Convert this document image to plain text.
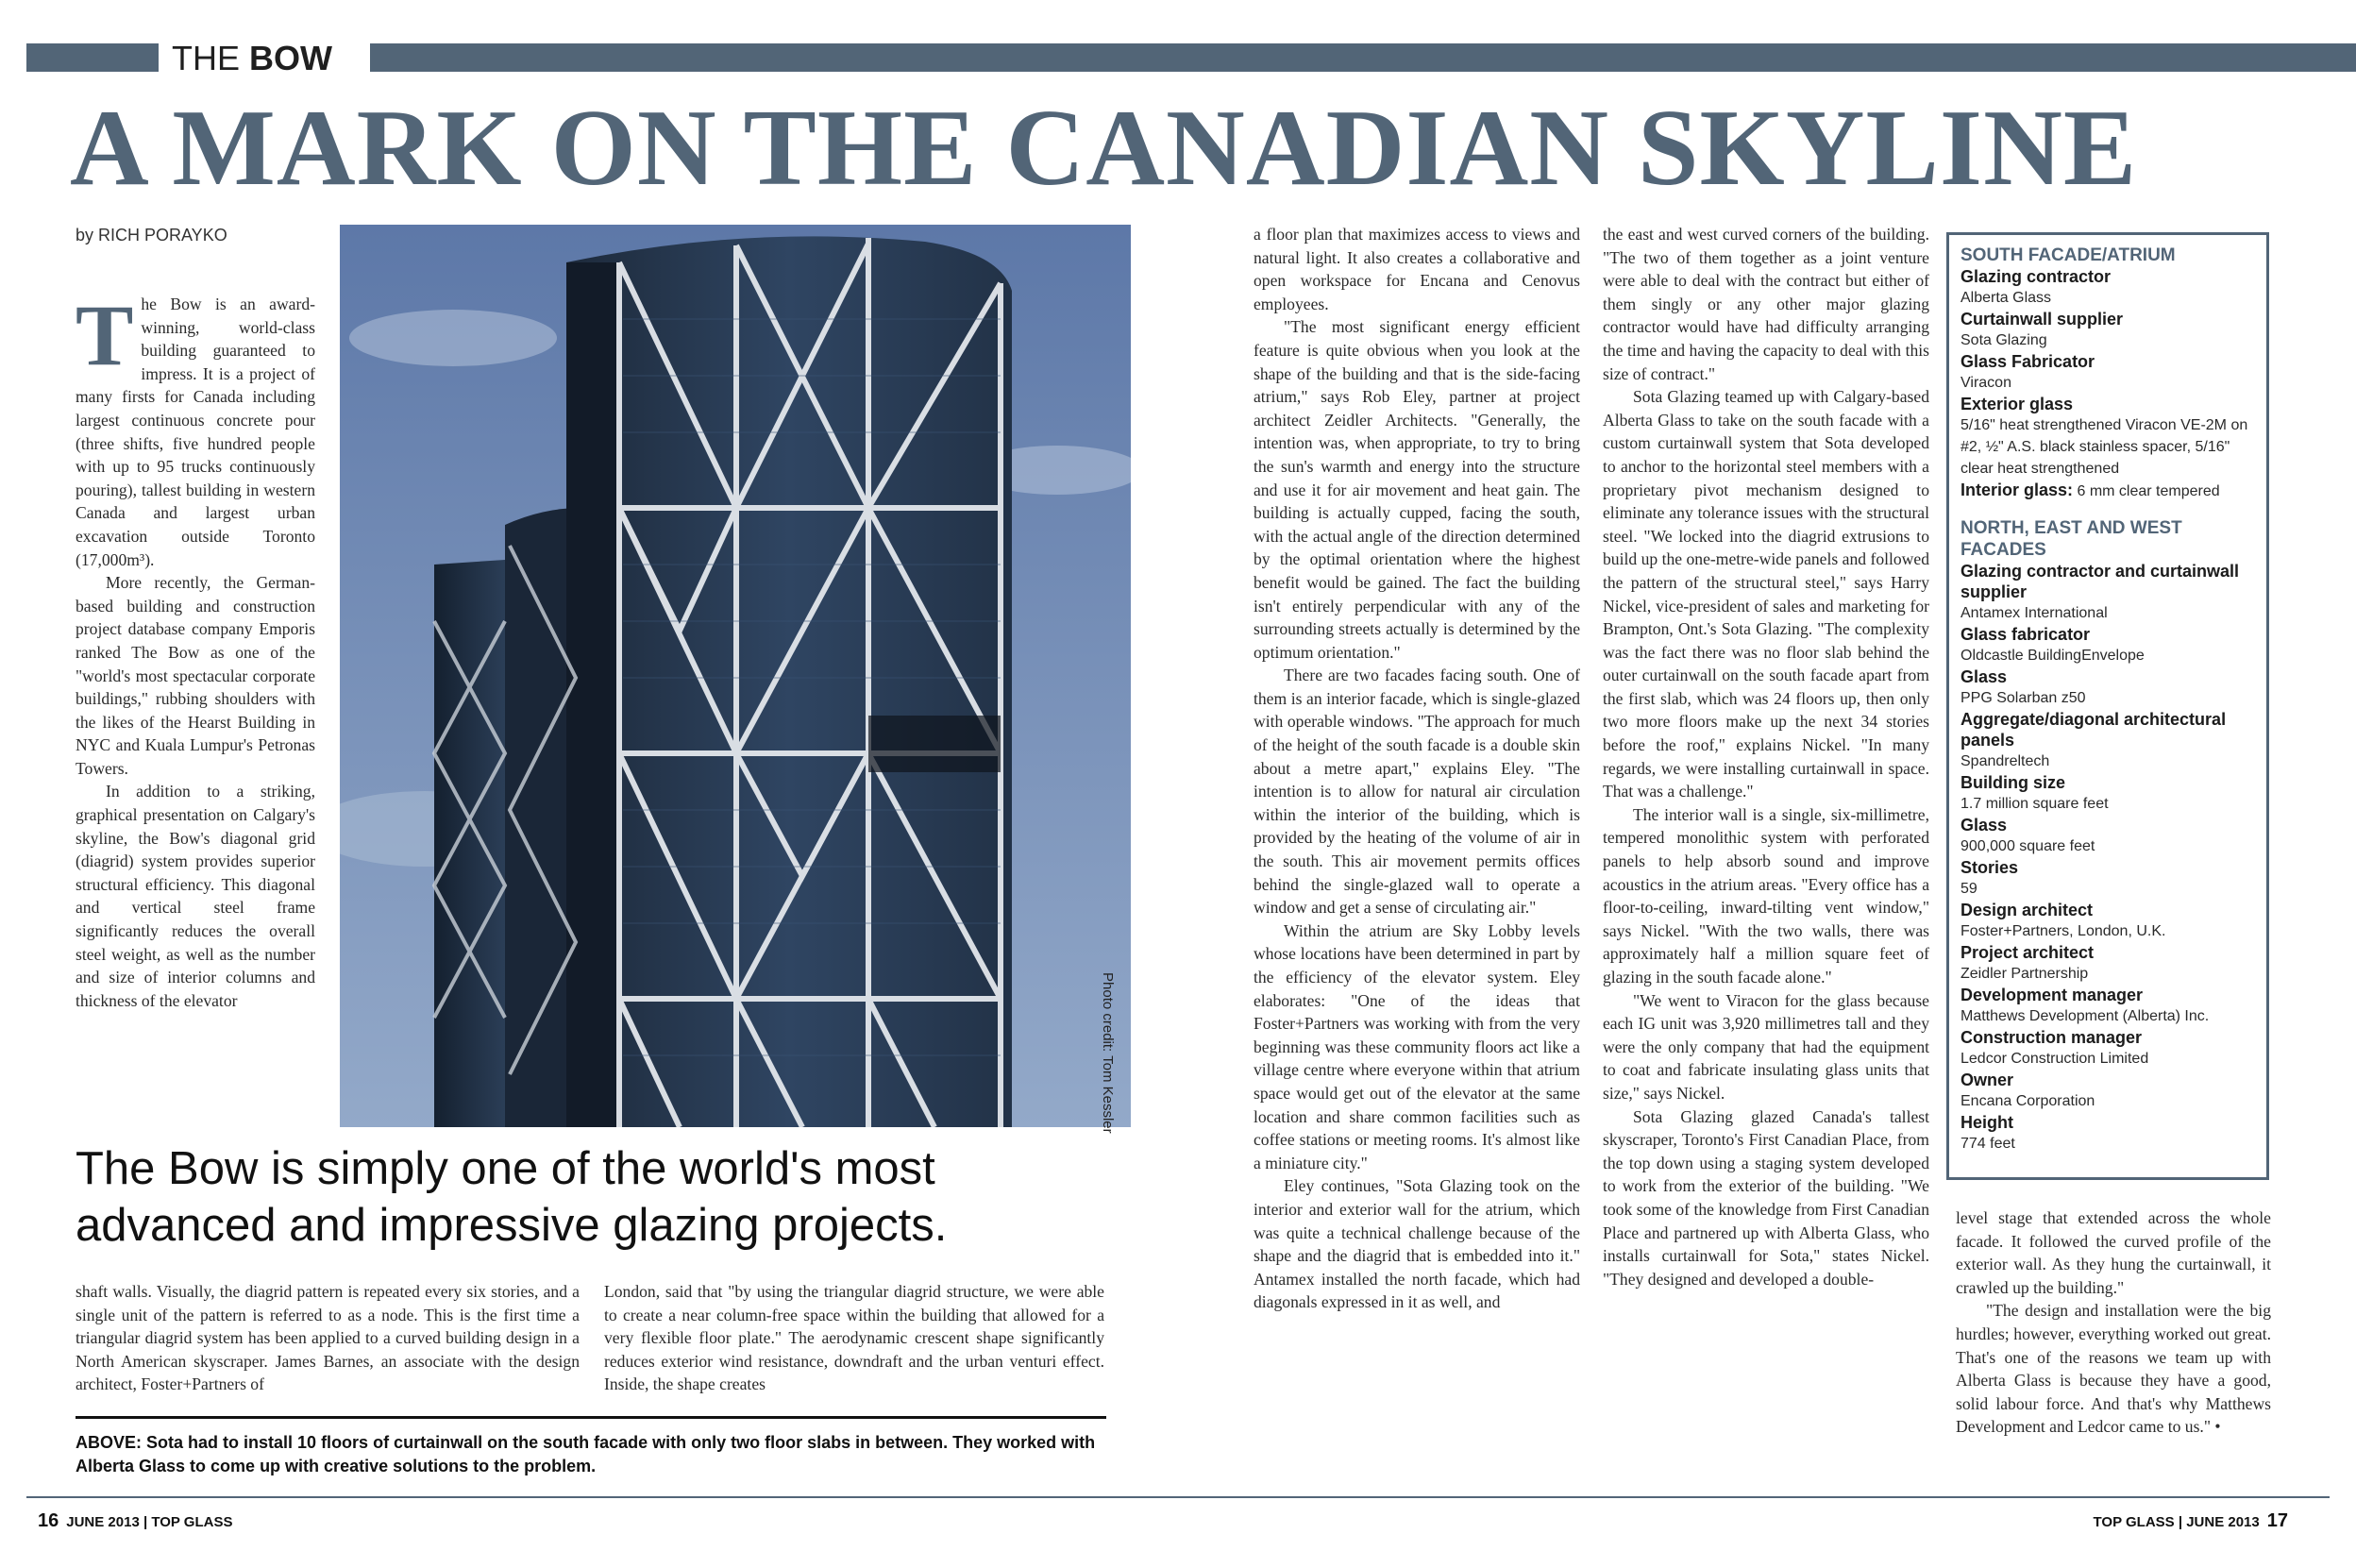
THE BOW
A MARK ON THE CANADIAN SKYLINE
by RICH PORAYKO

The Bow is an award-winning, world-class building guaranteed to impress. It is a project of many firsts for Canada including largest continuous concrete pour (three shifts, five hundred people with up to 95 trucks continuously pouring), tallest building in western Canada and largest urban excavation outside Toronto (17,000m³).

More recently, the German-based building and construction project database company Emporis ranked The Bow as one of the "world's most spectacular corporate buildings," rubbing shoulders with the likes of the Hearst Building in NYC and Kuala Lumpur's Petronas Towers.

In addition to a striking, graphical presentation on Calgary's skyline, the Bow's diagonal grid (diagrid) system provides superior structural efficiency. This diagonal and vertical steel frame significantly reduces the overall steel weight, as well as the number and size of interior columns and thickness of the elevator	Photo credit: Tom Kessler
The Bow is simply one of the world's most advanced and impressive glazing projects.

shaft walls. Visually, the diagrid pattern is repeated every six stories, and a single unit of the pattern is referred to as a node. This is the first time a triangular diagrid system has been applied to a curved building design in a North American skyscraper. James Barnes, an associate with the design architect, Foster+Partners of

London, said that "by using the triangular diagrid structure, we were able to create a near column-free space within the building that allowed for a very flexible floor plate." The aerodynamic crescent shape significantly reduces exterior wind resistance, downdraft and the urban venturi effect. Inside, the shape creates

ABOVE: Sota had to install 10 floors of curtainwall on the south facade with only two floor slabs in between. They worked with Alberta Glass to come up with creative solutions to the problem.

a floor plan that maximizes access to views and natural light. It also creates a collaborative and open workspace for Encana and Cenovus employees.

"The most significant energy efficient feature is quite obvious when you look at the shape of the building and that is the side-facing atrium," says Rob Eley, partner at project architect Zeidler Architects. "Generally, the intention was, when appropriate, to try to bring the sun's warmth and energy into the structure and use it for air movement and heat gain. The building is actually cupped, facing the south, with the actual angle of the direction determined by the optimal orientation where the highest benefit would be gained. The fact the building isn't entirely perpendicular with any of the surrounding streets actually is determined by the optimum orientation."

There are two facades facing south. One of them is an interior facade, which is single-glazed with operable windows. "The approach for much of the height of the south facade is a double skin about a metre apart," explains Eley. "The intention is to allow for natural air circulation within the interior of the building, which is provided by the heating of the volume of air in the south. This air movement permits offices behind the single-glazed wall to operate a window and get a sense of circulating air."

Within the atrium are Sky Lobby levels whose locations have been determined in part by the efficiency of the elevator system. Eley elaborates: "One of the ideas that Foster+Partners was working with from the very beginning was these community floors act like a village centre where everyone within that atrium space would get out of the elevator at the same location and share common facilities such as coffee stations or meeting rooms. It's almost like a miniature city."

Eley continues, "Sota Glazing took on the interior and exterior wall for the atrium, which was quite a technical challenge because of the shape and the diagrid that is embedded into it." Antamex installed the north facade, which had diagonals expressed in it as well, and

the east and west curved corners of the building. "The two of them together as a joint venture were able to deal with the contract but either of them singly or any other major glazing contractor would have had difficulty arranging the time and having the capacity to deal with this size of contract."

Sota Glazing teamed up with Calgary-based Alberta Glass to take on the south facade with a custom curtainwall system that Sota developed to anchor to the horizontal steel members with a proprietary pivot mechanism designed to eliminate any tolerance issues with the structural steel. "We locked into the diagrid extrusions to build up the one-metre-wide panels and followed the pattern of the structural steel," says Harry Nickel, vice-president of sales and marketing for Brampton, Ont.'s Sota Glazing. "The complexity was the fact there was no floor slab behind the outer curtainwall on the south facade apart from the first slab, which was 24 floors up, then only two more floors make up the next 34 stories before the roof," explains Nickel. "In many regards, we were installing curtainwall in space. That was a challenge."

The interior wall is a single, six-millimetre, tempered monolithic system with perforated panels to help absorb sound and improve acoustics in the atrium areas. "Every office has a floor-to-ceiling, inward-tilting vent window," says Nickel. "With the two walls, there was approximately half a million square feet of glazing in the south facade alone."

"We went to Viracon for the glass because each IG unit was 3,920 millimetres tall and they were the only company that had the equipment to coat and fabricate insulating glass units that size," says Nickel.

Sota Glazing glazed Canada's tallest skyscraper, Toronto's First Canadian Place, from the top down using a staging system developed to work from the exterior of the building. "We took some of the knowledge from First Canadian Place and partnered up with Alberta Glass, who installs curtainwall for Sota," states Nickel. "They designed and developed a double-

SOUTH FACADE/ATRIUM
Glazing contractor
Alberta Glass
Curtainwall supplier
Sota Glazing
Glass Fabricator
Viracon
Exterior glass
5/16" heat strengthened Viracon VE-2M on #2, ½" A.S. black stainless spacer, 5/16" clear heat strengthened
Interior glass: 6 mm clear tempered
NORTH, EAST AND WEST FACADES
Glazing contractor and curtainwall supplier
Antamex International
Glass fabricator
Oldcastle BuildingEnvelope
Glass
PPG Solarban z50
Aggregate/diagonal architectural panels
Spandreltech
Building size
1.7 million square feet
Glass
900,000 square feet
Stories
59
Design architect
Foster+Partners, London, U.K.
Project architect
Zeidler Partnership
Development manager
Matthews Development (Alberta) Inc.
Construction manager
Ledcor Construction Limited
Owner
Encana Corporation
Height
774 feet

level stage that extended across the whole facade. It followed the curved profile of the exterior wall. As they hung the curtainwall, it crawled up the building."

"The design and installation were the big hurdles; however, everything worked out great. That's one of the reasons we team up with Alberta Glass is because they have a good, solid labour force. And that's why Matthews Development and Ledcor came to us." •

16 JUNE 2013 | TOP GLASS	TOP GLASS | JUNE 2013 17
